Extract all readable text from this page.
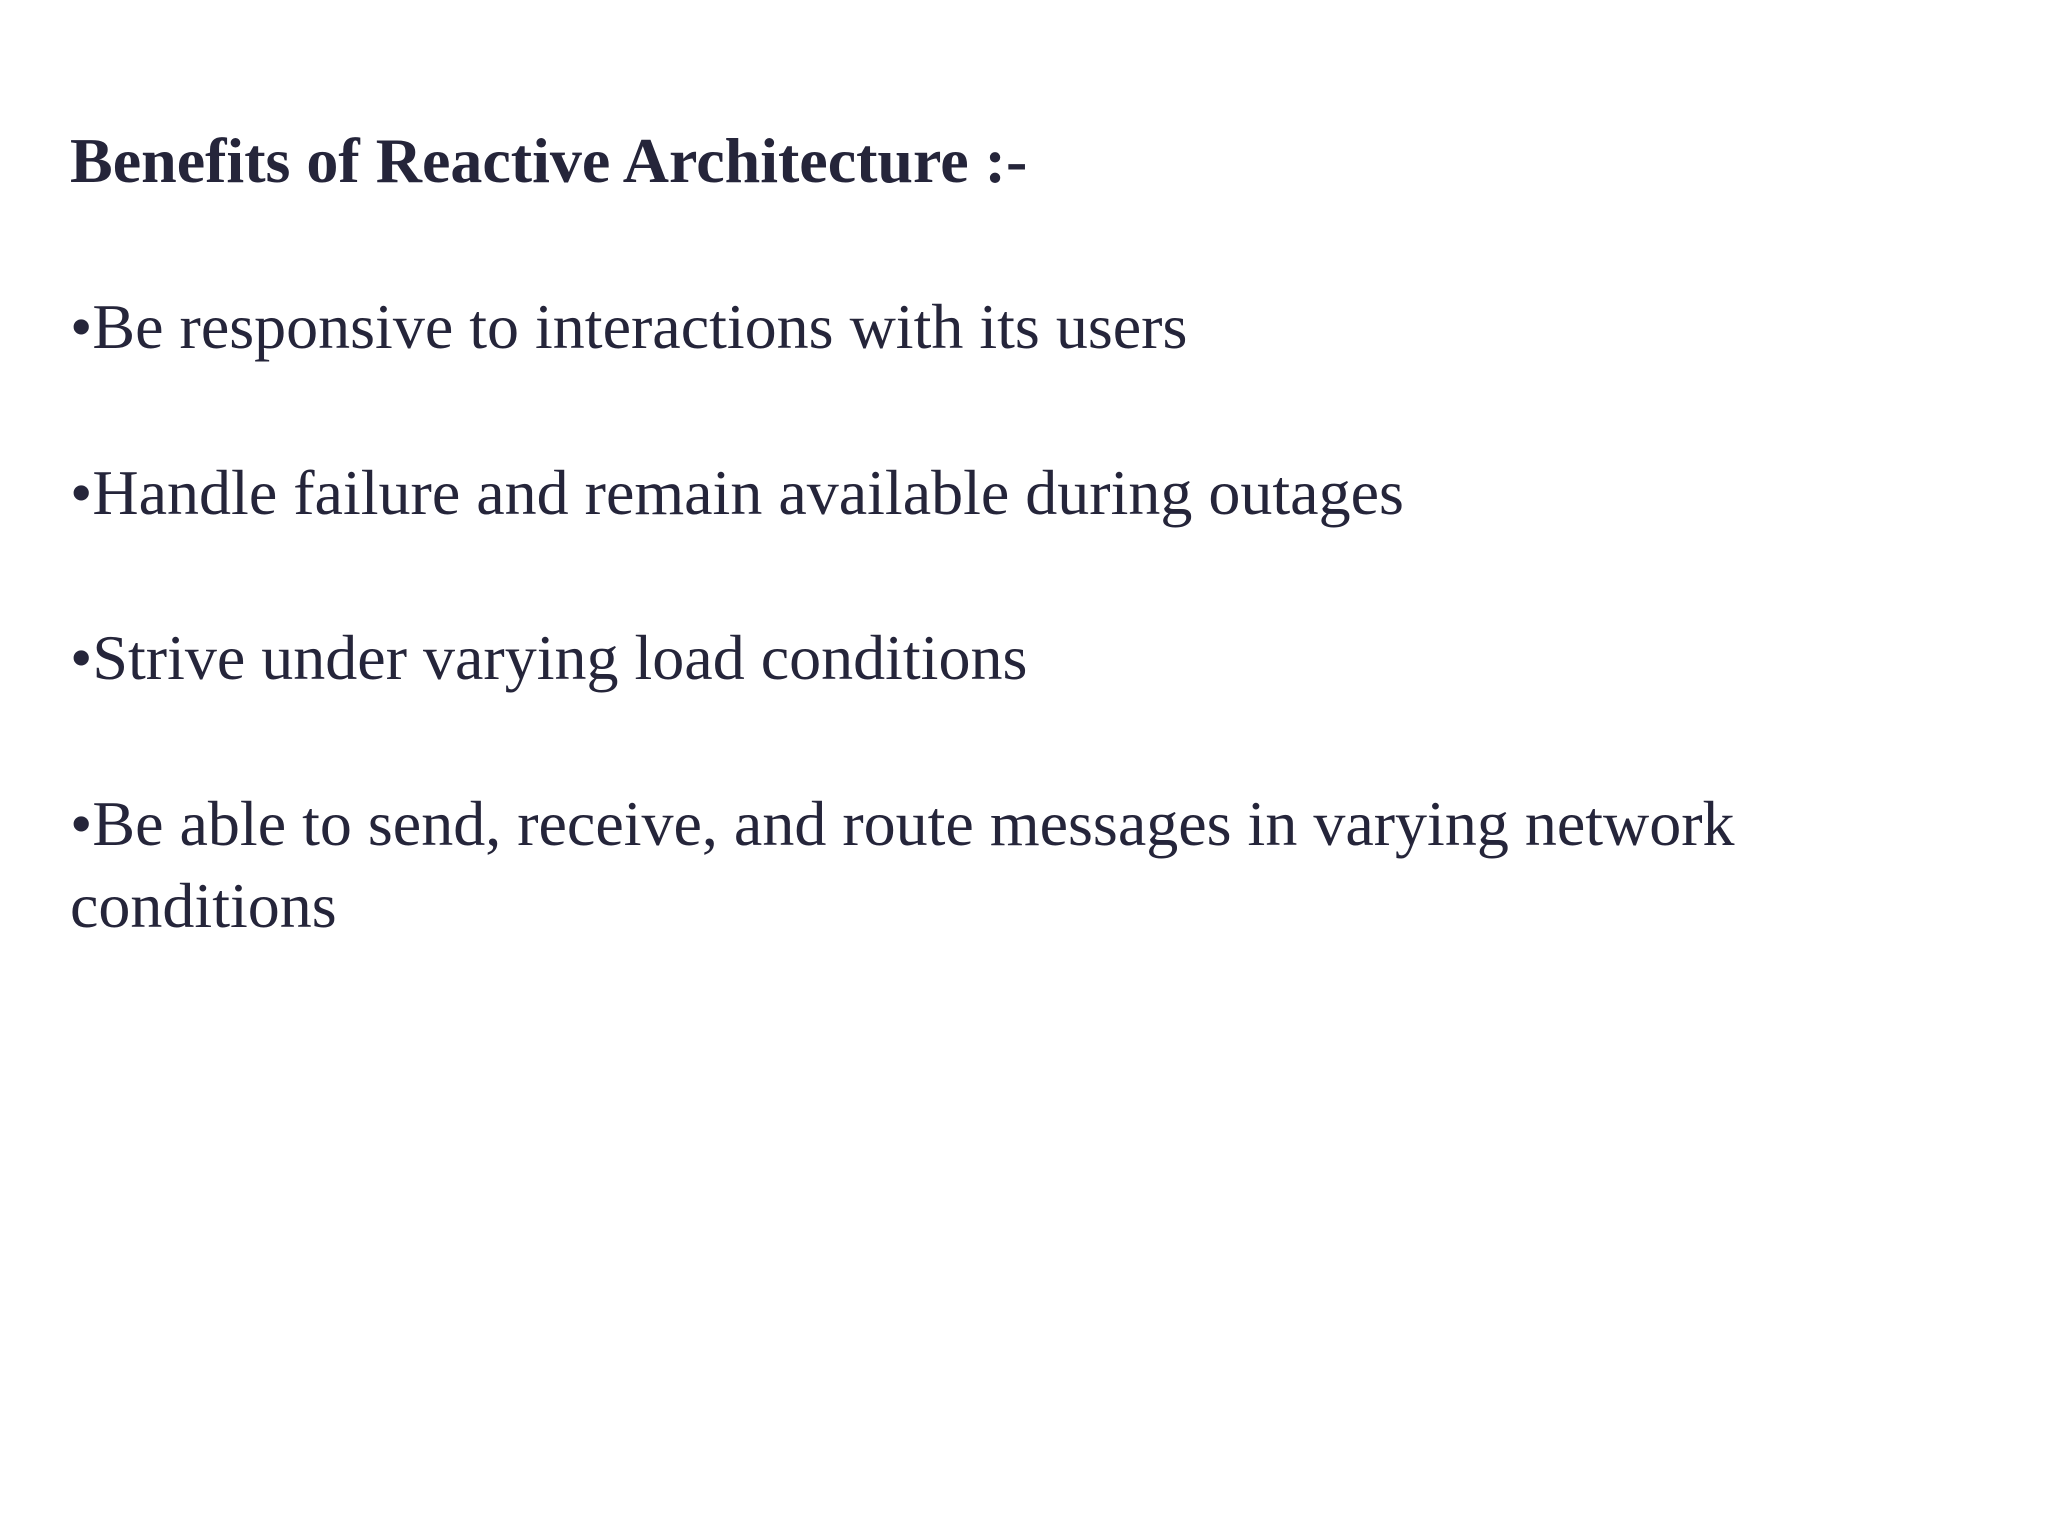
Benefits of Reactive Architecture :-
•Be responsive to interactions with its users
•Handle failure and remain available during outages
•Strive under varying load conditions
•Be able to send, receive, and route messages in varying network conditions
